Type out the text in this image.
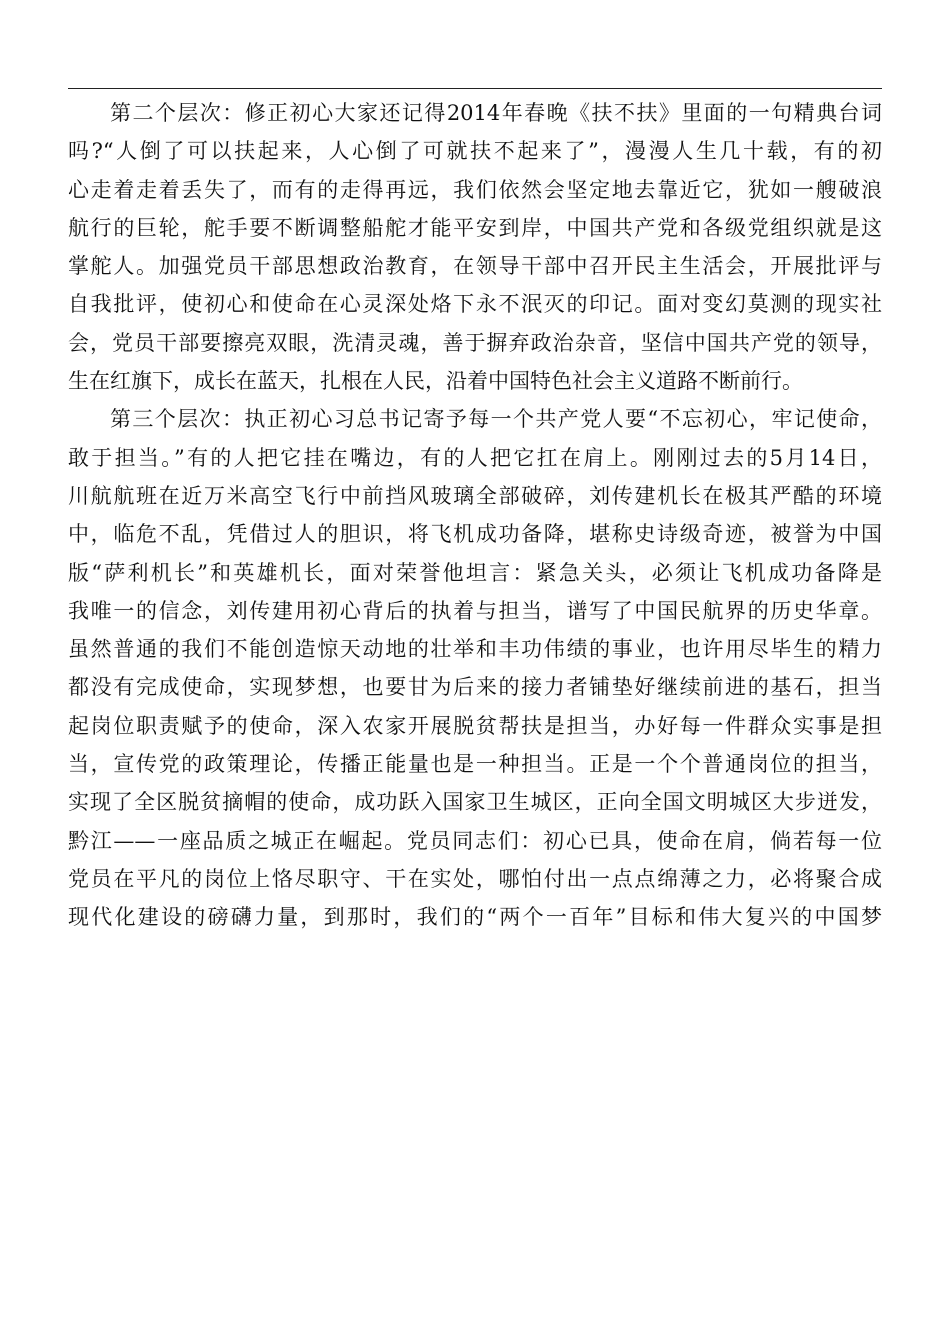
第二个层次：修正初心大家还记得2014年春晚《扶不扶》里面的一句精典台词
吗?“人倒了可以扶起来，人心倒了可就扶不起来了”，漫漫人生几十载，有的初
心走着走着丢失了，而有的走得再远，我们依然会坚定地去靠近它，犹如一艘破浪
航行的巨轮，舵手要不断调整船舵才能平安到岸，中国共产党和各级党组织就是这
掌舵人。加强党员干部思想政治教育，在领导干部中召开民主生活会，开展批评与
自我批评，使初心和使命在心灵深处烙下永不泯灭的印记。面对变幻莫测的现实社
会，党员干部要擦亮双眼，洗清灵魂，善于摒弃政治杂音，坚信中国共产党的领导，
生在红旗下，成长在蓝天，扎根在人民，沿着中国特色社会主义道路不断前行。
第三个层次：执正初心习总书记寄予每一个共产党人要“不忘初心，牢记使命，
敢于担当。”有的人把它挂在嘴边，有的人把它扛在肩上。刚刚过去的5月14日，
川航航班在近万米高空飞行中前挡风玻璃全部破碎，刘传建机长在极其严酷的环境
中，临危不乱，凭借过人的胆识，将飞机成功备降，堪称史诗级奇迹，被誉为中国
版“萨利机长”和英雄机长，面对荣誉他坦言：紧急关头，必须让飞机成功备降是
我唯一的信念，刘传建用初心背后的执着与担当，谱写了中国民航界的历史华章。
虽然普通的我们不能创造惊天动地的壮举和丰功伟绩的事业，也许用尽毕生的精力
都没有完成使命，实现梦想，也要甘为后来的接力者铺垫好继续前进的基石，担当
起岗位职责赋予的使命，深入农家开展脱贫帮扶是担当，办好每一件群众实事是担
当，宣传党的政策理论，传播正能量也是一种担当。正是一个个普通岗位的担当，
实现了全区脱贫摘帽的使命，成功跃入国家卫生城区，正向全国文明城区大步迸发，
黔江——一座品质之城正在崛起。党员同志们：初心已具，使命在肩，倘若每一位
党员在平凡的岗位上恪尽职守、干在实处，哪怕付出一点点绵薄之力，必将聚合成
现代化建设的磅礴力量，到那时，我们的“两个一百年”目标和伟大复兴的中国梦
